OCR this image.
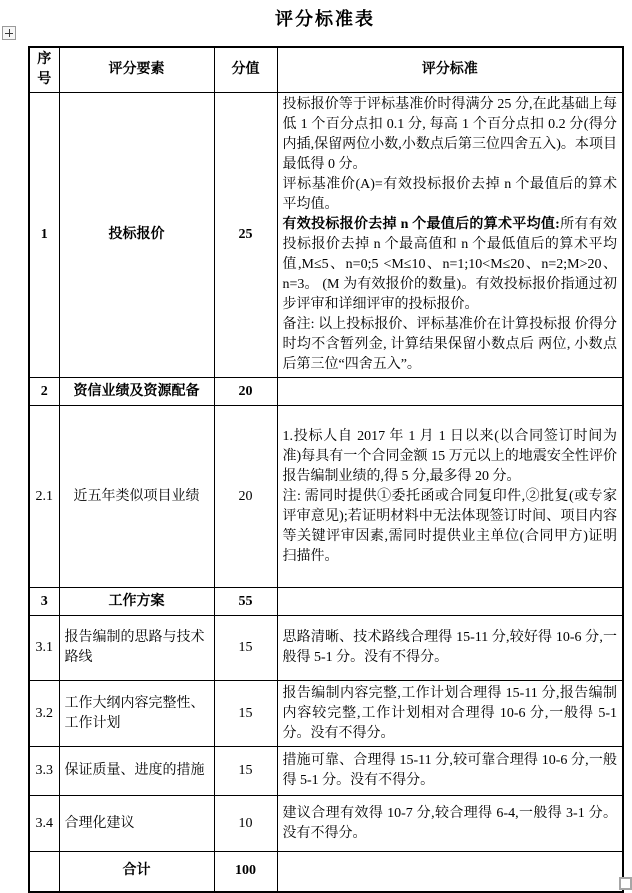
评分标准表
序号	评分要素	分值	评分标准
1	投标报价	25	投标报价等于评标基准价时得满分 25 分,在此基础上每低 1 个百分点扣 0.1 分, 每高 1 个百分点扣 0.2 分(得分内插,保留两位小数,小数点后第三位四舍五入)。本项目最低得 0 分。

评标基准价(A)=有效投标报价去掉 n 个最值后的算术平均值。

有效投标报价去掉 n 个最值后的算术平均值:所有有效投标报价去掉 n 个最高值和 n 个最低值后的算术平均值,M≤5、n=0;5 <M≤10、n=1;10<M≤20、n=2;M>20、n=3。 (M 为有效报价的数量)。有效投标报价指通过初步评审和详细评审的投标报价。

备注: 以上投标报价、评标基准价在计算投标报 价得分时均不含暂列金, 计算结果保留小数点后 两位, 小数点后第三位“四舍五入”。

2	资信业绩及资源配备	20	
2.1	近五年类似项目业绩	20	1.投标人自 2017 年 1 月 1 日以来(以合同签订时间为准)每具有一个合同金额 15 万元以上的地震安全性评价报告编制业绩的,得 5 分,最多得 20 分。

注: 需同时提供①委托函或合同复印件,②批复(或专家评审意见);若证明材料中无法体现签订时间、项目内容等关键评审因素,需同时提供业主单位(合同甲方)证明扫描件。

3	工作方案	55	
3.1	报告编制的思路与技术路线	15	思路清晰、技术路线合理得 15-11 分,较好得 10-6 分,一般得 5-1 分。没有不得分。
3.2	工作大纲内容完整性、工作计划	15	报告编制内容完整,工作计划合理得 15-11 分,报告编制内容较完整,工作计划相对合理得 10-6 分,一般得 5-1 分。没有不得分。
3.3	保证质量、进度的措施	15	措施可靠、合理得 15-11 分,较可靠合理得 10-6 分,一般得 5-1 分。没有不得分。
3.4	合理化建议	10	建议合理有效得 10-7 分,较合理得 6-4,一般得 3-1 分。没有不得分。
	合计	100	
